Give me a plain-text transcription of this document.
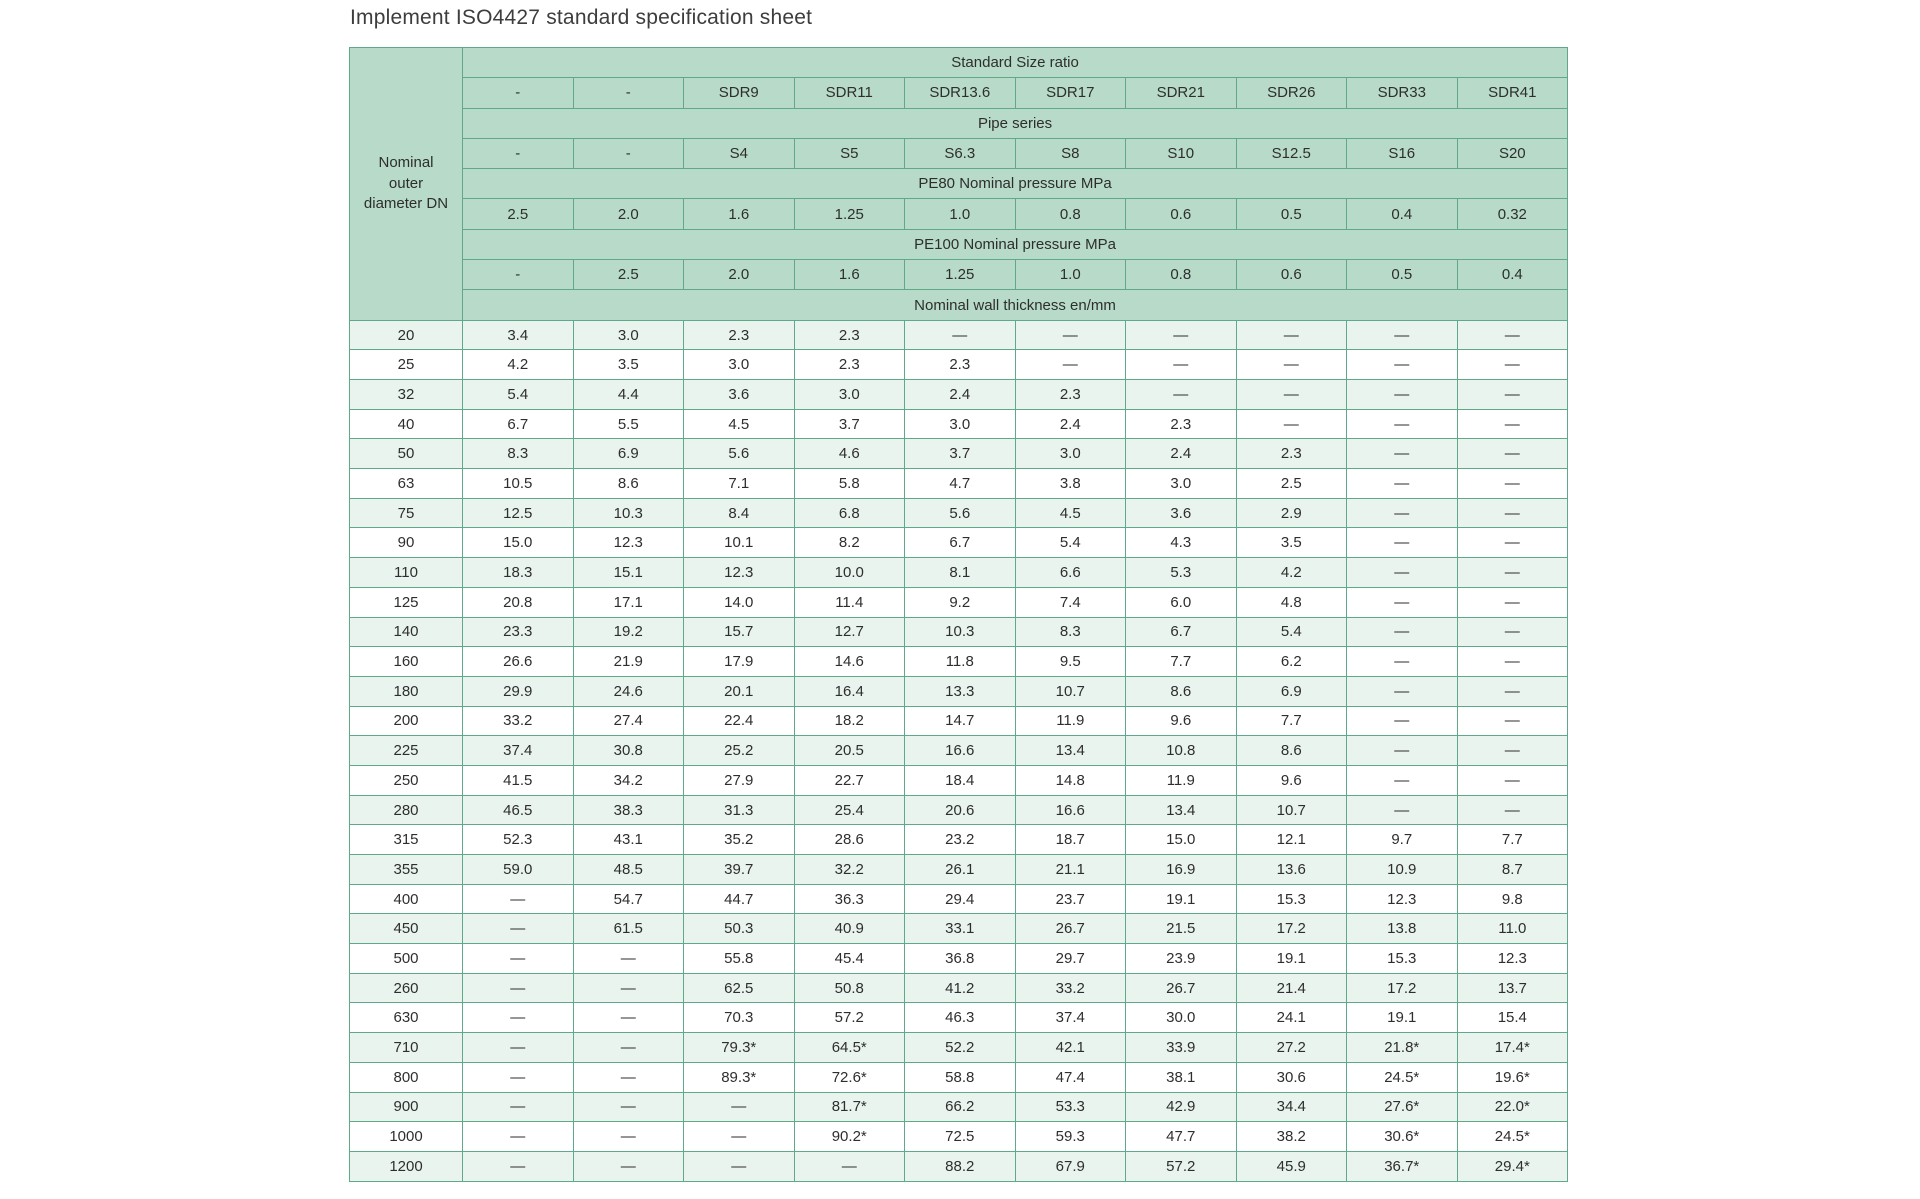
Implement ISO4427 standard specification sheet
Nominal outer diameter DN	Standard Size ratio									
	-	-	SDR9	SDR11	SDR13.6	SDR17	SDR21	SDR26	SDR33	SDR41
	Pipe series									
	-	-	S4	S5	S6.3	S8	S10	S12.5	S16	S20
	PE80 Nominal pressure MPa									
	2.5	2.0	1.6	1.25	1.0	0.8	0.6	0.5	0.4	0.32
	PE100 Nominal pressure MPa									
	-	2.5	2.0	1.6	1.25	1.0	0.8	0.6	0.5	0.4
	Nominal wall thickness en/mm									
20	3.4	3.0	2.3	2.3	—	—	—	—	—	—
25	4.2	3.5	3.0	2.3	2.3	—	—	—	—	—
32	5.4	4.4	3.6	3.0	2.4	2.3	—	—	—	—
40	6.7	5.5	4.5	3.7	3.0	2.4	2.3	—	—	—
50	8.3	6.9	5.6	4.6	3.7	3.0	2.4	2.3	—	—
63	10.5	8.6	7.1	5.8	4.7	3.8	3.0	2.5	—	—
75	12.5	10.3	8.4	6.8	5.6	4.5	3.6	2.9	—	—
90	15.0	12.3	10.1	8.2	6.7	5.4	4.3	3.5	—	—
110	18.3	15.1	12.3	10.0	8.1	6.6	5.3	4.2	—	—
125	20.8	17.1	14.0	11.4	9.2	7.4	6.0	4.8	—	—
140	23.3	19.2	15.7	12.7	10.3	8.3	6.7	5.4	—	—
160	26.6	21.9	17.9	14.6	11.8	9.5	7.7	6.2	—	—
180	29.9	24.6	20.1	16.4	13.3	10.7	8.6	6.9	—	—
200	33.2	27.4	22.4	18.2	14.7	11.9	9.6	7.7	—	—
225	37.4	30.8	25.2	20.5	16.6	13.4	10.8	8.6	—	—
250	41.5	34.2	27.9	22.7	18.4	14.8	11.9	9.6	—	—
280	46.5	38.3	31.3	25.4	20.6	16.6	13.4	10.7	—	—
315	52.3	43.1	35.2	28.6	23.2	18.7	15.0	12.1	9.7	7.7
355	59.0	48.5	39.7	32.2	26.1	21.1	16.9	13.6	10.9	8.7
400	—	54.7	44.7	36.3	29.4	23.7	19.1	15.3	12.3	9.8
450	—	61.5	50.3	40.9	33.1	26.7	21.5	17.2	13.8	11.0
500	—	—	55.8	45.4	36.8	29.7	23.9	19.1	15.3	12.3
260	—	—	62.5	50.8	41.2	33.2	26.7	21.4	17.2	13.7
630	—	—	70.3	57.2	46.3	37.4	30.0	24.1	19.1	15.4
710	—	—	79.3*	64.5*	52.2	42.1	33.9	27.2	21.8*	17.4*
800	—	—	89.3*	72.6*	58.8	47.4	38.1	30.6	24.5*	19.6*
900	—	—	—	81.7*	66.2	53.3	42.9	34.4	27.6*	22.0*
1000	—	—	—	90.2*	72.5	59.3	47.7	38.2	30.6*	24.5*
1200	—	—	—	—	88.2	67.9	57.2	45.9	36.7*	29.4*
